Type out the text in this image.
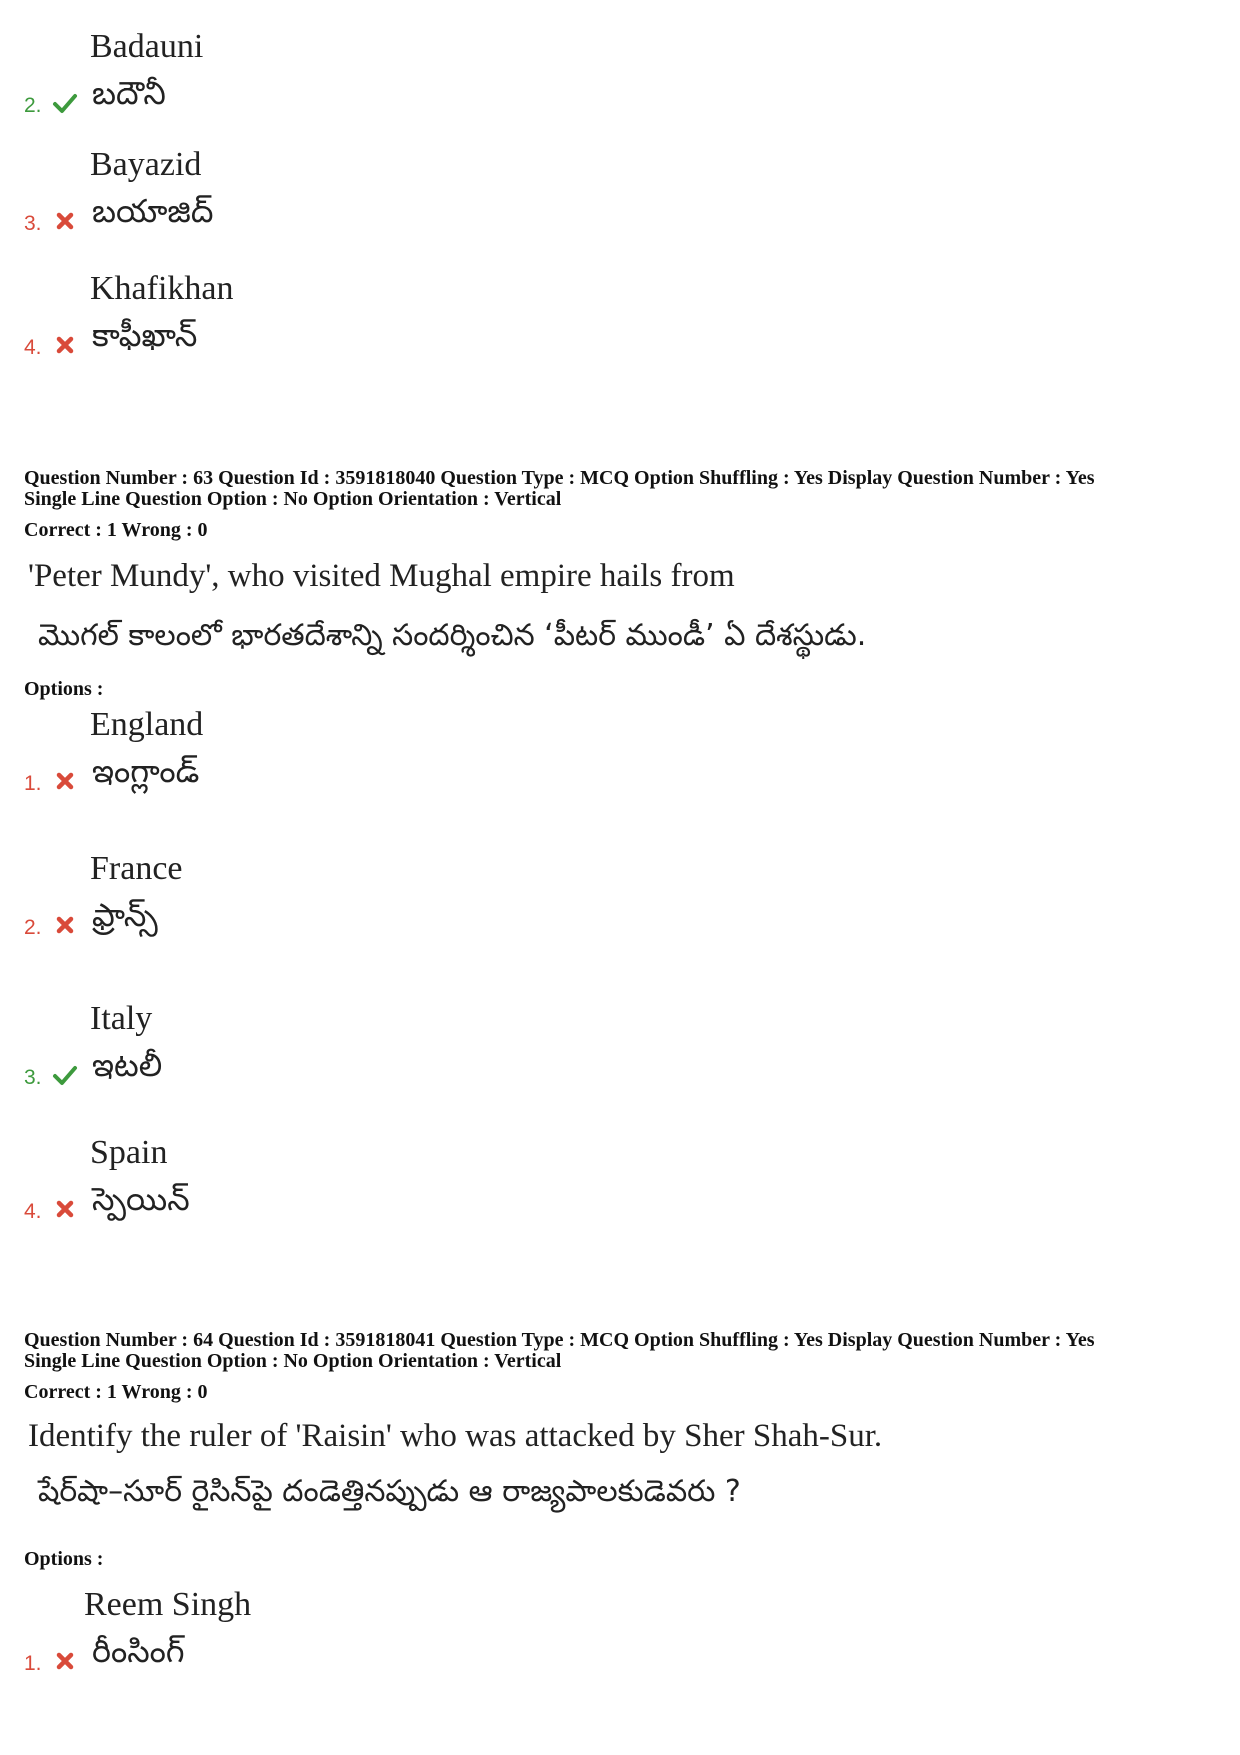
Badauni
బదౌనీ
2.
Bayazid
బయాజిద్
3.
Khafikhan
కాఫీఖాన్
4.
Question Number : 63 Question Id : 3591818040 Question Type : MCQ Option Shuffling : Yes Display Question Number : Yes
Single Line Question Option : No Option Orientation : Vertical
Correct : 1 Wrong : 0
'Peter Mundy', who visited Mughal empire hails from
మొగల్ కాలంలో భారతదేశాన్ని సందర్శించిన ‘పీటర్ ముండీ’ ఏ దేశస్థుడు.
Options :
England
ఇంగ్లాండ్
1.
France
ఫ్రాన్స్
2.
Italy
ఇటలీ
3.
Spain
స్పెయిన్
4.
Question Number : 64 Question Id : 3591818041 Question Type : MCQ Option Shuffling : Yes Display Question Number : Yes
Single Line Question Option : No Option Orientation : Vertical
Correct : 1 Wrong : 0
Identify the ruler of 'Raisin' who was attacked by Sher Shah-Sur.
షేర్‌షా–సూర్ రైసిన్‌పై దండెత్తినప్పుడు ఆ రాజ్యపాలకుడెవరు ?
Options :
Reem Singh
రీంసింగ్
1.
